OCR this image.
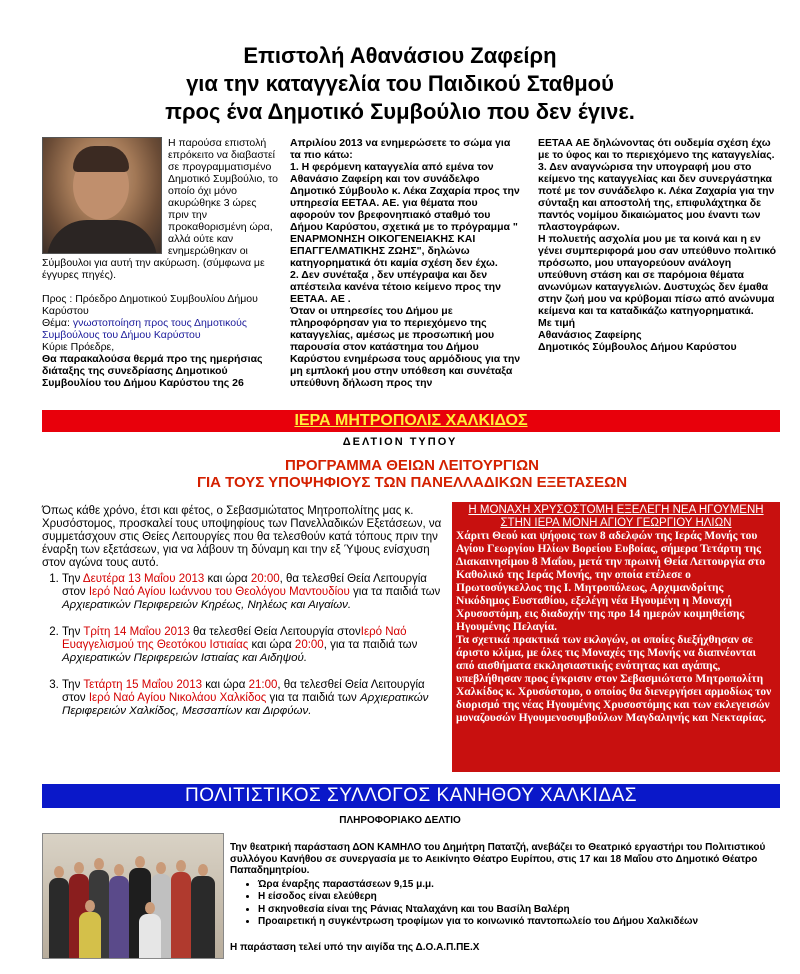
Επιστολή Αθανάσιου Ζαφείρη
για την καταγγελία του Παιδικού Σταθμού
προς ένα Δημοτικό Συμβούλιο που δεν έγινε.

Η παρούσα επιστολή επρόκειτο να διαβαστεί σε προγραμματισμένο Δημοτικό Συμβούλιο, το οποίο όχι μόνο ακυρώθηκε 3 ώρες πριν την προκαθορισμένη ώρα, αλλά ούτε καν ενημερώθηκαν οι Σύμβουλοι για αυτή την ακύρωση. (σύμφωνα με έγγυρες πηγές).

Προς : Πρόεδρο Δημοτικού Συμβουλίου Δήμου Καρύστου

Θέμα: γνωστοποίηση προς τους Δημοτικούς Συμβούλους του Δήμου Καρύστου

Κύριε Πρόεδρε,

Θα παρακαλούσα θερμά προ της ημερήσιας διάταξης της συνεδρίασης Δημοτικού Συμβουλίου του Δήμου Καρύστου της 26

Απριλίου 2013 να ενημερώσετε το σώμα για τα πιο κάτω:

1. Η φερόμενη καταγγελία από εμένα τον Αθανάσιο Ζαφείρη και τον συνάδελφο Δημοτικό Σύμβουλο κ. Λέκα Ζαχαρία προς την υπηρεσία ΕΕΤΑΑ. ΑΕ. για θέματα που αφορούν τον βρεφονηπιακό σταθμό του Δήμου Καρύστου, σχετικά με το πρόγραμμα " ΕΝΑΡΜΟΝΗΣΗ ΟΙΚΟΓΕΝΕΙΑΚΗΣ ΚΑΙ ΕΠΑΓΓΕΛΜΑΤΙΚΗΣ ΖΩΗΣ", δηλώνω κατηγορηματικά ότι καμία σχέση δεν έχω.

2. Δεν συνέταξα , δεν υπέγραψα και δεν απέστειλα κανένα τέτοιο κείμενο προς την ΕΕΤΑΑ. ΑΕ .

Όταν οι υπηρεσίες του Δήμου με πληροφόρησαν για το περιεχόμενο της καταγγελίας, αμέσως με προσωπική μου παρουσία στον κατάστημα του Δήμου Καρύστου ενημέρωσα τους αρμόδιους για την μη εμπλοκή μου στην υπόθεση και συνέταξα υπεύθυνη δήλωση προς την

ΕΕΤΑΑ ΑΕ δηλώνοντας ότι ουδεμία σχέση έχω με το ύφος και το περιεχόμενο της καταγγελίας.

3. Δεν αναγνώρισα την υπογραφή μου στο κείμενο της καταγγελίας και δεν συνεργάστηκα ποτέ με τον συνάδελφο κ. Λέκα Ζαχαρία για την σύνταξη και αποστολή της, επιφυλάχτηκα δε παντός νομίμου δικαιώματος μου έναντι των πλαστογράφων.

Η πολυετής ασχολία μου με τα κοινά και η εν γένει συμπεριφορά μου σαν υπεύθυνο πολιτικό πρόσωπο, μου υπαγορεύουν ανάλογη υπεύθυνη στάση και σε παρόμοια θέματα ανωνύμων καταγγελιών. Δυστυχώς δεν έμαθα στην ζωή μου να κρύβομαι πίσω από ανώνυμα κείμενα και τα καταδικάζω κατηγορηματικά.

Με τιμή

Αθανάσιος Ζαφείρης

Δημοτικός Σύμβουλος Δήμου Καρύστου

ΙΕΡΑ ΜΗΤΡΟΠΟΛΙΣ ΧΑΛΚΙΔΟΣ
ΔΕΛΤΙΟΝ ΤΥΠΟΥ
ΠΡΟΓΡΑΜΜΑ ΘΕΙΩΝ ΛΕΙΤΟΥΡΓΙΩΝ
ΓΙΑ ΤΟΥΣ ΥΠΟΨΗΦΙΟΥΣ ΤΩΝ ΠΑΝΕΛΛΑΔΙΚΩΝ ΕΞΕΤΑΣΕΩΝ

Όπως κάθε χρόνο, έτσι και φέτος, ο Σεβασμιώτατος Μητροπολίτης μας κ. Χρυσόστομος, προσκαλεί τους υποψηφίους των Πανελλαδικών Εξετάσεων, να συμμετάσχουν στις Θείες Λειτουργίες που θα τελεσθούν κατά τόπους πριν την έναρξη των εξετάσεων, για να λάβουν τη δύναμη και την εξ Ύψους ενίσχυση στον αγώνα τους αυτό.

1. Την Δευτέρα 13 Μαΐου 2013 και ώρα 20:00, θα τελεσθεί Θεία Λειτουργία στον Ιερό Ναό Αγίου Ιωάννου του Θεολόγου Μαντουδίου για τα παιδιά των Αρχιερατικών Περιφερειών Κηρέως, Νηλέως και Αιγαίων.
2. Την Τρίτη 14 Μαΐου 2013 θα τελεσθεί Θεία Λειτουργία στονΙερό Ναό Ευαγγελισμού της Θεοτόκου Ιστιαίας και ώρα 20:00, για τα παιδιά των Αρχιερατικών Περιφερειών Ιστιαίας και Αιδηψού.
3. Την Τετάρτη 15 Μαΐου 2013 και ώρα 21:00, θα τελεσθεί Θεία Λειτουργία στον Ιερό Ναό Αγίου Νικολάου Χαλκίδος για τα παιδιά των Αρχιερατικών Περιφερειών Χαλκίδος, Μεσσαπίων και Διρφύων.
Η ΜΟΝΑΧΗ ΧΡΥΣΟΣΤΟΜΗ ΕΞΕΛΕΓΗ ΝΕΑ ΗΓΟΥΜΕΝΗ
ΣΤΗΝ ΙΕΡΑ ΜΟΝΗ ΑΓΙΟΥ ΓΕΩΡΓΙΟΥ ΗΛΙΩΝ

Χάριτι Θεού και ψήφοις των 8 αδελφών της Ιεράς Μονής του Αγίου Γεωργίου Ηλίων Βορείου Ευβοίας, σήμερα Τετάρτη της Διακαινησίμου 8 Μαΐου, μετά την πρωινή Θεία Λειτουργία στο Καθολικό της Ιεράς Μονής, την οποία ετέλεσε ο Πρωτοσύγκελλος της Ι. Μητροπόλεως, Αρχιμανδρίτης Νικόδημος Ευσταθίου, εξελέγη νέα Ηγουμένη η Μοναχή Χρυσοστόμη, εις διαδοχήν της προ 14 ημερών κοιμηθείσης Ηγουμένης Πελαγία.

Τα σχετικά πρακτικά των εκλογών, οι οποίες διεξήχθησαν σε άριστο κλίμα, με όλες τις Μοναχές της Μονής να διαπνέονται από αισθήματα εκκλησιαστικής ενότητας και αγάπης, υπεβλήθησαν προς έγκρισιν στον Σεβασμιώτατο Μητροπολίτη Χαλκίδος κ. Χρυσόστομο, ο οποίος θα διενεργήσει αρμοδίως τον διορισμό της νέας Ηγουμένης Χρυσοστόμης και των εκλεγεισών μοναζουσών Ηγουμενοσυμβούλων Μαγδαληνής και Νεκταρίας.

ΠΟΛΙΤΙΣΤΙΚΟΣ ΣΥΛΛΟΓΟΣ ΚΑΝΗΘΟΥ ΧΑΛΚΙΔΑΣ
ΠΛΗΡΟΦΟΡΙΑΚΟ ΔΕΛΤΙΟ

Την θεατρική παράσταση ΔΟΝ ΚΑΜΗΛΟ του Δημήτρη Πατατζή, ανεβάζει το Θεατρικό εργαστήρι του Πολιτιστικού συλλόγου Κανήθου σε συνεργασία με το Αεικίνητο Θέατρο Ευρίπου, στις 17 και 18 Μαΐου στο Δημοτικό Θέατρο Παπαδημητρίου.

• Ώρα έναρξης παραστάσεων 9,15 μ.μ.
• Η είσοδος είναι ελεύθερη
• Η σκηνοθεσία είναι της Ράνιας Νταλαχάνη και του Βασίλη Βαλέρη
• Προαιρετική η συγκέντρωση τροφίμων για το κοινωνικό παντοπωλείο του Δήμου Χαλκιδέων

Η παράσταση τελεί υπό την αιγίδα της Δ.Ο.Α.Π.ΠΕ.Χ
